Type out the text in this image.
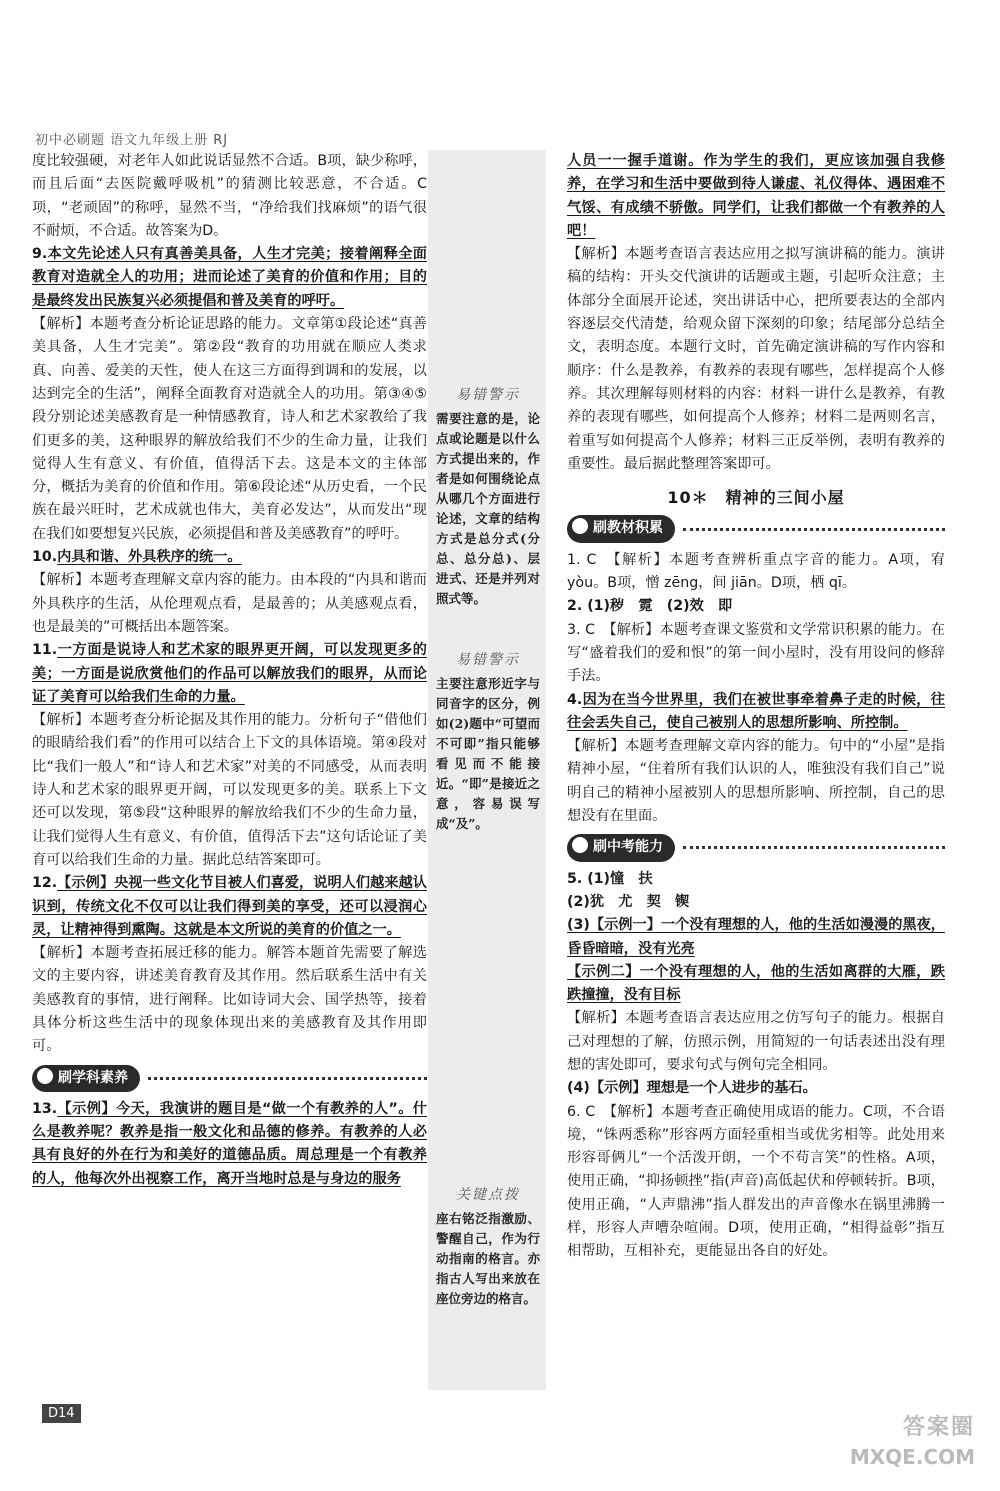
初中必刷题 语文九年级上册 RJ

度比较强硬，对老年人如此说话显然不合适。B项，缺少称呼，而且后面“去医院戴呼吸机”的猜测比较恶意，不合适。C项，“老顽固”的称呼，显然不当，“净给我们找麻烦”的语气很不耐烦，不合适。故答案为D。

9.本文先论述人只有真善美具备，人生才完美；接着阐释全面教育对造就全人的功用；进而论述了美育的价值和作用；目的是最终发出民族复兴必须提倡和普及美育的呼吁。

【解析】本题考查分析论证思路的能力。文章第①段论述“真善美具备，人生才完美”。第②段“教育的功用就在顺应人类求真、向善、爱美的天性，使人在这三方面得到调和的发展，以达到完全的生活”，阐释全面教育对造就全人的功用。第③④⑤段分别论述美感教育是一种情感教育，诗人和艺术家教给了我们更多的美，这种眼界的解放给我们不少的生命力量，让我们觉得人生有意义、有价值，值得活下去。这是本文的主体部分，概括为美育的价值和作用。第⑥段论述“从历史看，一个民族在最兴旺时，艺术成就也伟大，美育必发达”，从而发出“现在我们如要想复兴民族，必须提倡和普及美感教育”的呼吁。

10.内具和谐、外具秩序的统一。

【解析】本题考查理解文章内容的能力。由本段的“内具和谐而外具秩序的生活，从伦理观点看，是最善的；从美感观点看，也是最美的”可概括出本题答案。

11.一方面是说诗人和艺术家的眼界更开阔，可以发现更多的美；一方面是说欣赏他们的作品可以解放我们的眼界，从而论证了美育可以给我们生命的力量。

【解析】本题考查分析论据及其作用的能力。分析句子“借他们的眼睛给我们看”的作用可以结合上下文的具体语境。第④段对比“我们一般人”和“诗人和艺术家”对美的不同感受，从而表明诗人和艺术家的眼界更开阔，可以发现更多的美。联系上下文还可以发现，第⑤段“这种眼界的解放给我们不少的生命力量，让我们觉得人生有意义、有价值，值得活下去”这句话论证了美育可以给我们生命的力量。据此总结答案即可。

12.【示例】央视一些文化节目被人们喜爱，说明人们越来越认识到，传统文化不仅可以让我们得到美的享受，还可以浸润心灵，让精神得到熏陶。这就是本文所说的美育的价值之一。

【解析】本题考查拓展迁移的能力。解答本题首先需要了解选文的主要内容，讲述美育教育及其作用。然后联系生活中有关美感教育的事情，进行阐释。比如诗词大会、国学热等，接着具体分析这些生活中的现象体现出来的美感教育及其作用即可。

刷学科素养

13.【示例】今天，我演讲的题目是“做一个有教养的人”。什么是教养呢？教养是指一般文化和品德的修养。有教养的人必具有良好的外在行为和美好的道德品质。周总理是一个有教养的人，他每次外出视察工作，离开当地时总是与身边的服务

易错警示
需要注意的是，论点或论题是以什么方式提出来的，作者是如何围绕论点从哪几个方面进行论述，文章的结构方式是总分式(分总、总分总)、层进式、还是并列对照式等。
易错警示
主要注意形近字与同音字的区分，例如(2)题中“可望而不可即”指只能够看见而不能接近。“即”是接近之意，容易误写成“及”。
关键点拨
座右铭泛指激励、警醒自己，作为行动指南的格言。亦指古人写出来放在座位旁边的格言。

人员一一握手道谢。作为学生的我们，更应该加强自我修养，在学习和生活中要做到待人谦虚、礼仪得体、遇困难不气馁、有成绩不骄傲。同学们，让我们都做一个有教养的人吧！

【解析】本题考查语言表达应用之拟写演讲稿的能力。演讲稿的结构：开头交代演讲的话题或主题，引起听众注意；主体部分全面展开论述，突出讲话中心，把所要表达的全部内容逐层交代清楚，给观众留下深刻的印象；结尾部分总结全文，表明态度。本题行文时，首先确定演讲稿的写作内容和顺序：什么是教养，有教养的表现有哪些，怎样提高个人修养。其次理解每则材料的内容：材料一讲什么是教养，有教养的表现有哪些，如何提高个人修养；材料二是两则名言，着重写如何提高个人修养；材料三正反举例，表明有教养的重要性。最后据此整理答案即可。

10＊　精神的三间小屋
刷教材积累

1. C　【解析】本题考查辨析重点字音的能力。A项，宥 yòu。B项，憎 zēng，间 jiān。D项，栖 qī。

2. (1)秽　霓　(2)效　即

3. C　【解析】本题考查课文鉴赏和文学常识积累的能力。在写“盛着我们的爱和恨”的第一间小屋时，没有用设问的修辞手法。

4.因为在当今世界里，我们在被世事牵着鼻子走的时候，往往会丢失自己，使自己被别人的思想所影响、所控制。

【解析】本题考查理解文章内容的能力。句中的“小屋”是指精神小屋，“住着所有我们认识的人，唯独没有我们自己”说明自己的精神小屋被别人的思想所影响、所控制，自己的思想没有在里面。

刷中考能力

5. (1)憧　扶

(2)犹　尤　契　锲

(3)【示例一】一个没有理想的人，他的生活如漫漫的黑夜，昏昏暗暗，没有光亮

【示例二】一个没有理想的人，他的生活如离群的大雁，跌跌撞撞，没有目标

【解析】本题考查语言表达应用之仿写句子的能力。根据自己对理想的了解，仿照示例，用简短的一句话表述出没有理想的害处即可，要求句式与例句完全相同。

(4)【示例】理想是一个人进步的基石。

6. C　【解析】本题考查正确使用成语的能力。C项，不合语境，“铢两悉称”形容两方面轻重相当或优劣相等。此处用来形容哥俩儿“一个活泼开朗，一个不苟言笑”的性格。A项，使用正确，“抑扬顿挫”指(声音)高低起伏和停顿转折。B项，使用正确，“人声鼎沸”指人群发出的声音像水在锅里沸腾一样，形容人声嘈杂喧闹。D项，使用正确，“相得益彰”指互相帮助，互相补充，更能显出各自的好处。

D14
答案圈
MXQE.COM
